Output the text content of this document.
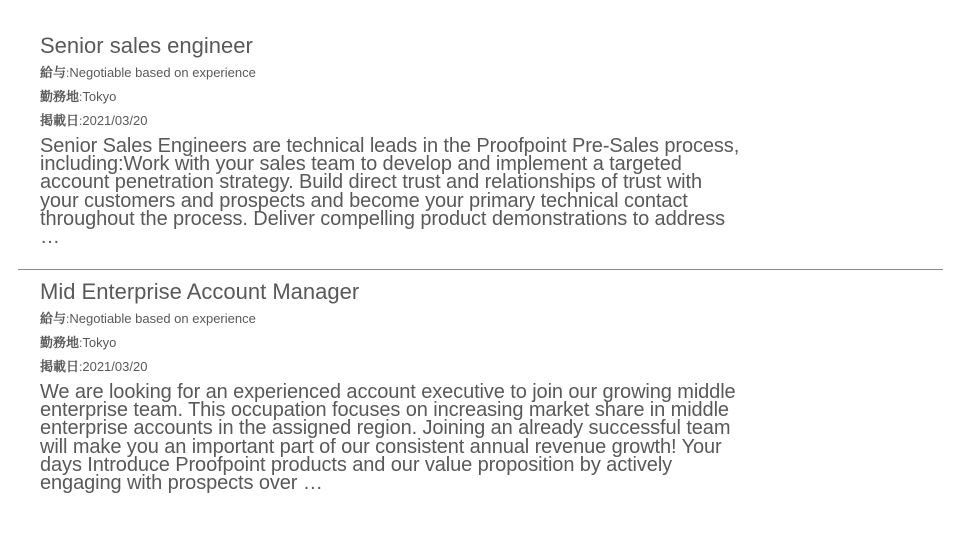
Senior sales engineer
給与:Negotiable based on experience
勤務地:Tokyo
掲載日:2021/03/20

Senior Sales Engineers are technical leads in the Proofpoint Pre-Sales process, including:Work with your sales team to develop and implement a targeted account penetration strategy. Build direct trust and relationships of trust with your customers and prospects and become your primary technical contact throughout the process. Deliver compelling product demonstrations to address …

Mid Enterprise Account Manager
給与:Negotiable based on experience
勤務地:Tokyo
掲載日:2021/03/20

We are looking for an experienced account executive to join our growing middle enterprise team. This occupation focuses on increasing market share in middle enterprise accounts in the assigned region. Joining an already successful team will make you an important part of our consistent annual revenue growth! Your days Introduce Proofpoint products and our value proposition by actively engaging with prospects over …
